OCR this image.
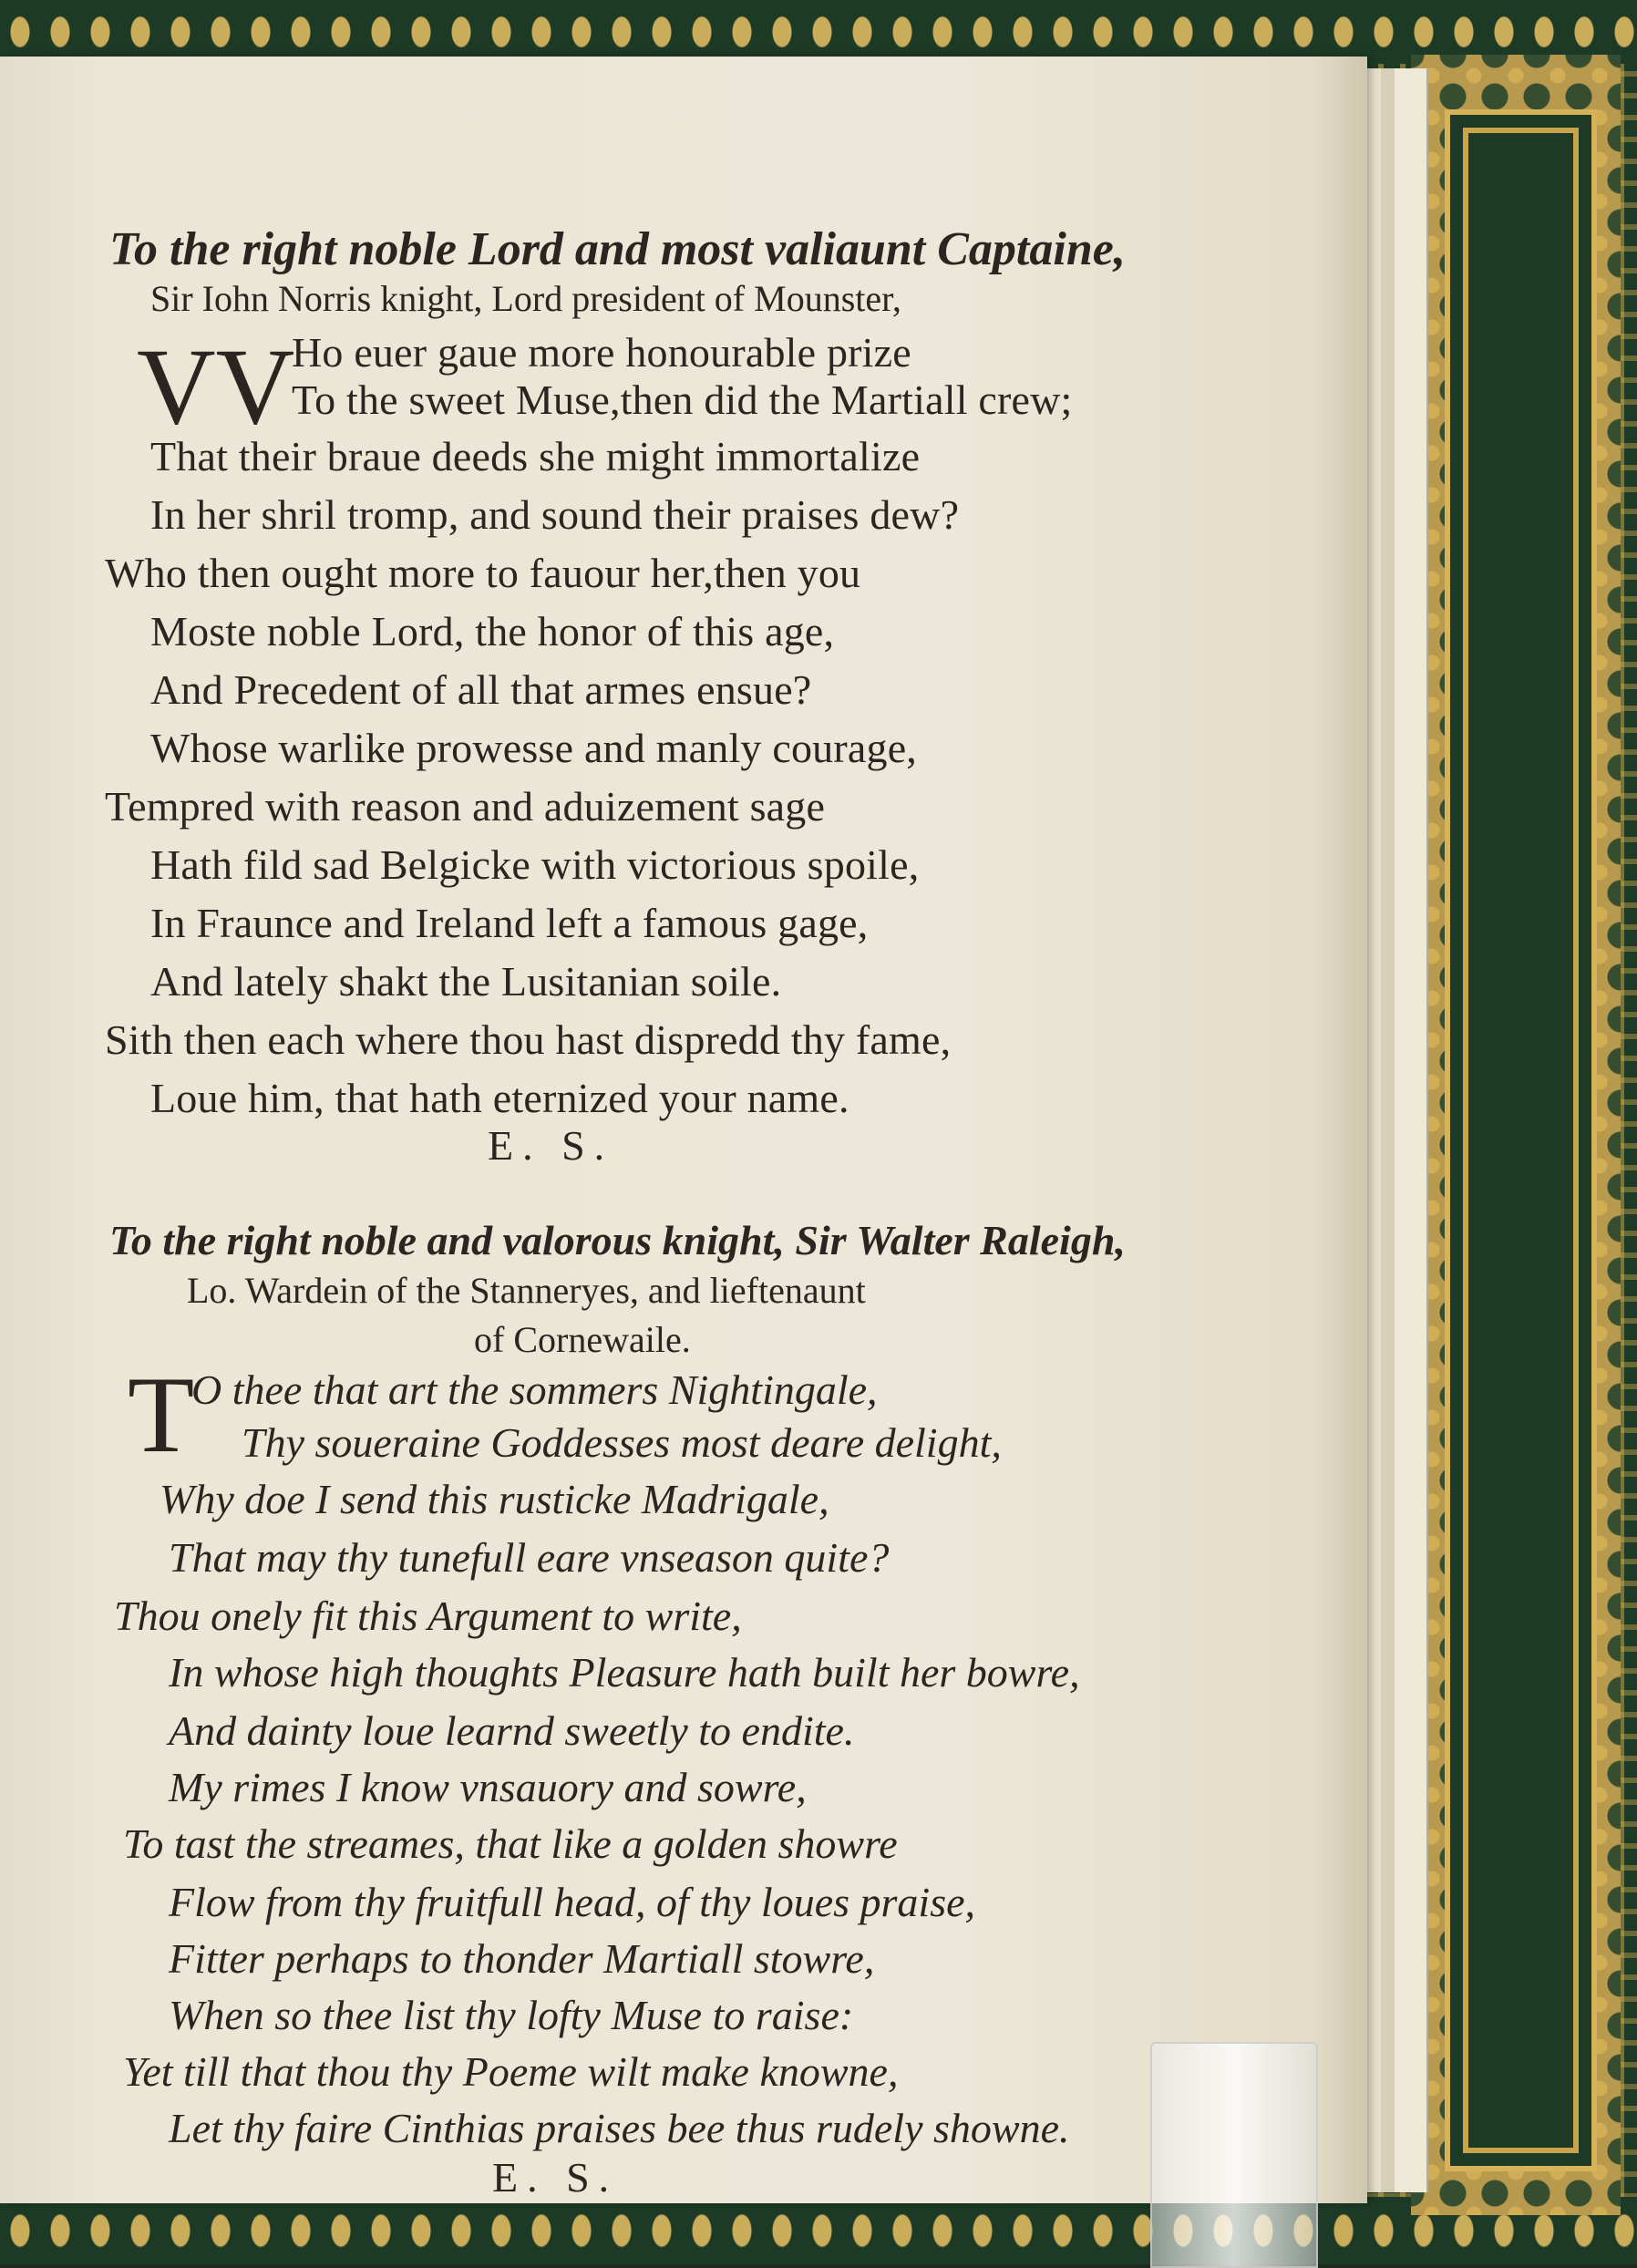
To the right noble Lord and most valiaunt Captaine,
Sir Iohn Norris knight, Lord president of Mounster,
VV
Ho euer gaue more honourable prize
To the sweet Muse,then did the Martiall crew;
That their braue deeds she might immortalize
In her shril tromp, and sound their praises dew?
Who then ought more to fauour her,then you
Moste noble Lord, the honor of this age,
And Precedent of all that armes ensue?
Whose warlike prowesse and manly courage,
Tempred with reason and aduizement sage
Hath fild sad Belgicke with victorious spoile,
In Fraunce and Ireland left a famous gage,
And lately shakt the Lusitanian soile.
Sith then each where thou hast dispredd thy fame,
Loue him, that hath eternized your name.
E. S.
To the right noble and valorous knight, Sir Walter Raleigh,
Lo. Wardein of the Stanneryes, and lieftenaunt
of Cornewaile.
T
O thee that art the sommers Nightingale,
Thy soueraine Goddesses most deare delight,
Why doe I send this rusticke Madrigale,
That may thy tunefull eare vnseason quite?
Thou onely fit this Argument to write,
In whose high thoughts Pleasure hath built her bowre,
And dainty loue learnd sweetly to endite.
My rimes I know vnsauory and sowre,
To tast the streames, that like a golden showre
Flow from thy fruitfull head, of thy loues praise,
Fitter perhaps to thonder Martiall stowre,
When so thee list thy lofty Muse to raise:
Yet till that thou thy Poeme wilt make knowne,
Let thy faire Cinthias praises bee thus rudely showne.
E. S.
